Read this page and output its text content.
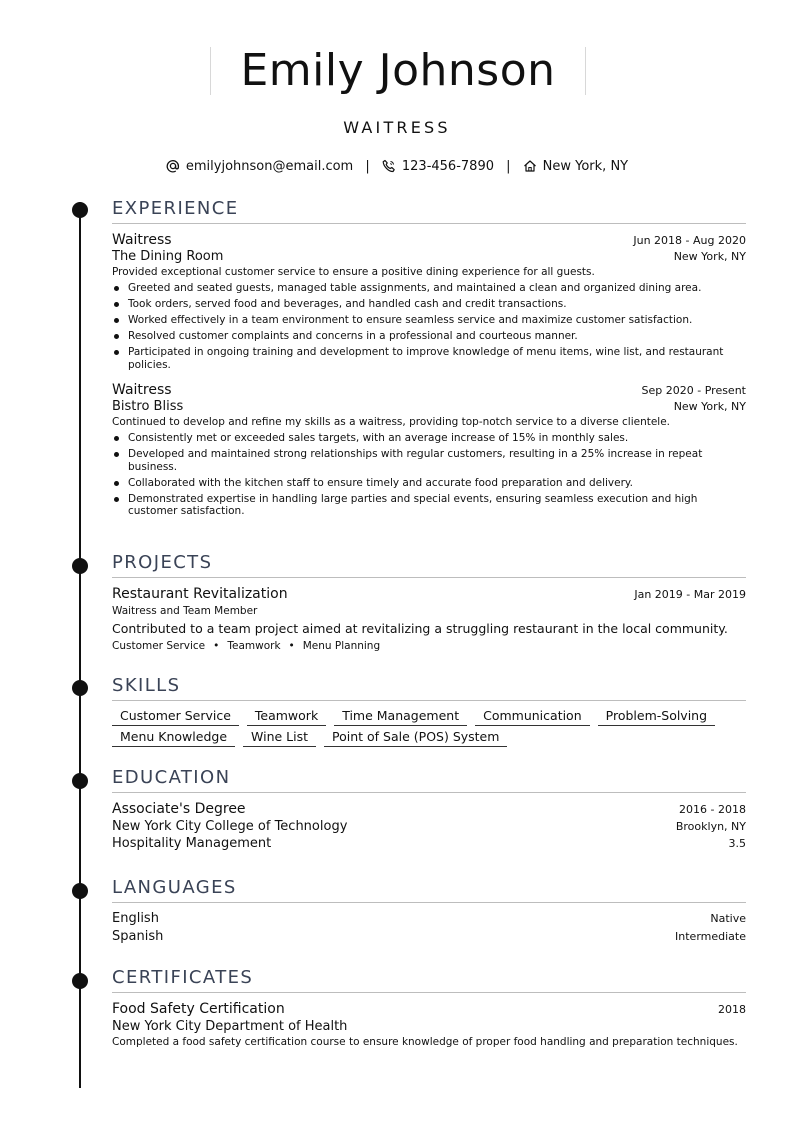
Emily Johnson
WAITRESS
emilyjohnson@email.com | 123-456-7890 | New York, NY
EXPERIENCE
Waitress	Jun 2018 - Aug 2020
The Dining Room	New York, NY
Provided exceptional customer service to ensure a positive dining experience for all guests.
Greeted and seated guests, managed table assignments, and maintained a clean and organized dining area.
Took orders, served food and beverages, and handled cash and credit transactions.
Worked effectively in a team environment to ensure seamless service and maximize customer satisfaction.
Resolved customer complaints and concerns in a professional and courteous manner.
Participated in ongoing training and development to improve knowledge of menu items, wine list, and restaurant policies.
Waitress	Sep 2020 - Present
Bistro Bliss	New York, NY
Continued to develop and refine my skills as a waitress, providing top-notch service to a diverse clientele.
Consistently met or exceeded sales targets, with an average increase of 15% in monthly sales.
Developed and maintained strong relationships with regular customers, resulting in a 25% increase in repeat business.
Collaborated with the kitchen staff to ensure timely and accurate food preparation and delivery.
Demonstrated expertise in handling large parties and special events, ensuring seamless execution and high customer satisfaction.
PROJECTS
Restaurant Revitalization	Jan 2019 - Mar 2019
Waitress and Team Member
Contributed to a team project aimed at revitalizing a struggling restaurant in the local community.
Customer Service • Teamwork • Menu Planning
SKILLS
Customer Service	Teamwork	Time Management	Communication	Problem-Solving
Menu Knowledge	Wine List	Point of Sale (POS) System
EDUCATION
Associate's Degree	2016 - 2018
New York City College of Technology	Brooklyn, NY
Hospitality Management	3.5
LANGUAGES
English	Native
Spanish	Intermediate
CERTIFICATES
Food Safety Certification	2018
New York City Department of Health
Completed a food safety certification course to ensure knowledge of proper food handling and preparation techniques.
